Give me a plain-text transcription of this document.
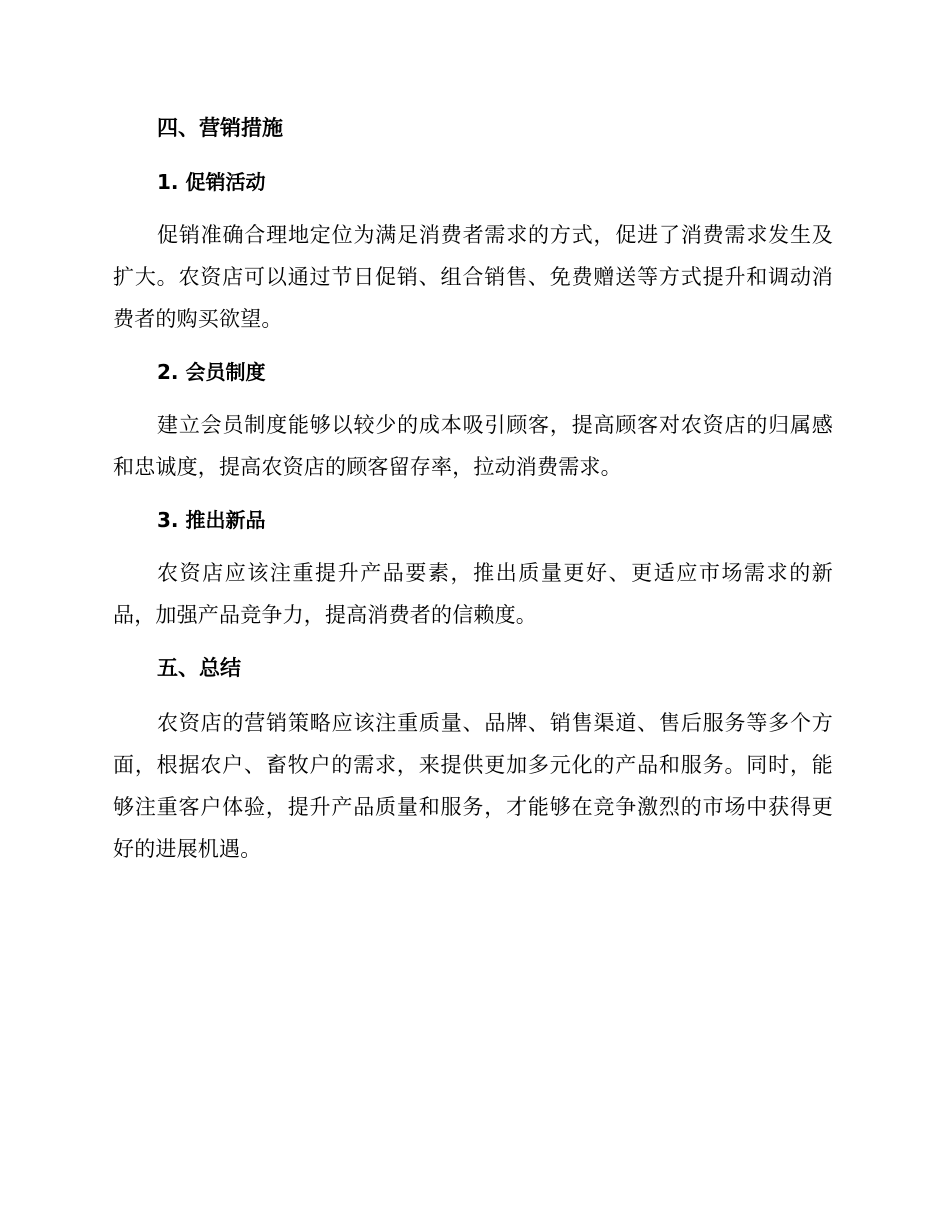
四、营销措施
1. 促销活动

促销准确合理地定位为满足消费者需求的方式，促进了消费需求发生及扩大。农资店可以通过节日促销、组合销售、免费赠送等方式提升和调动消费者的购买欲望。

2. 会员制度

建立会员制度能够以较少的成本吸引顾客，提高顾客对农资店的归属感和忠诚度，提高农资店的顾客留存率，拉动消费需求。

3. 推出新品

农资店应该注重提升产品要素，推出质量更好、更适应市场需求的新品，加强产品竞争力，提高消费者的信赖度。

五、总结

农资店的营销策略应该注重质量、品牌、销售渠道、售后服务等多个方面，根据农户、畜牧户的需求，来提供更加多元化的产品和服务。同时，能够注重客户体验，提升产品质量和服务，才能够在竞争激烈的市场中获得更好的进展机遇。
